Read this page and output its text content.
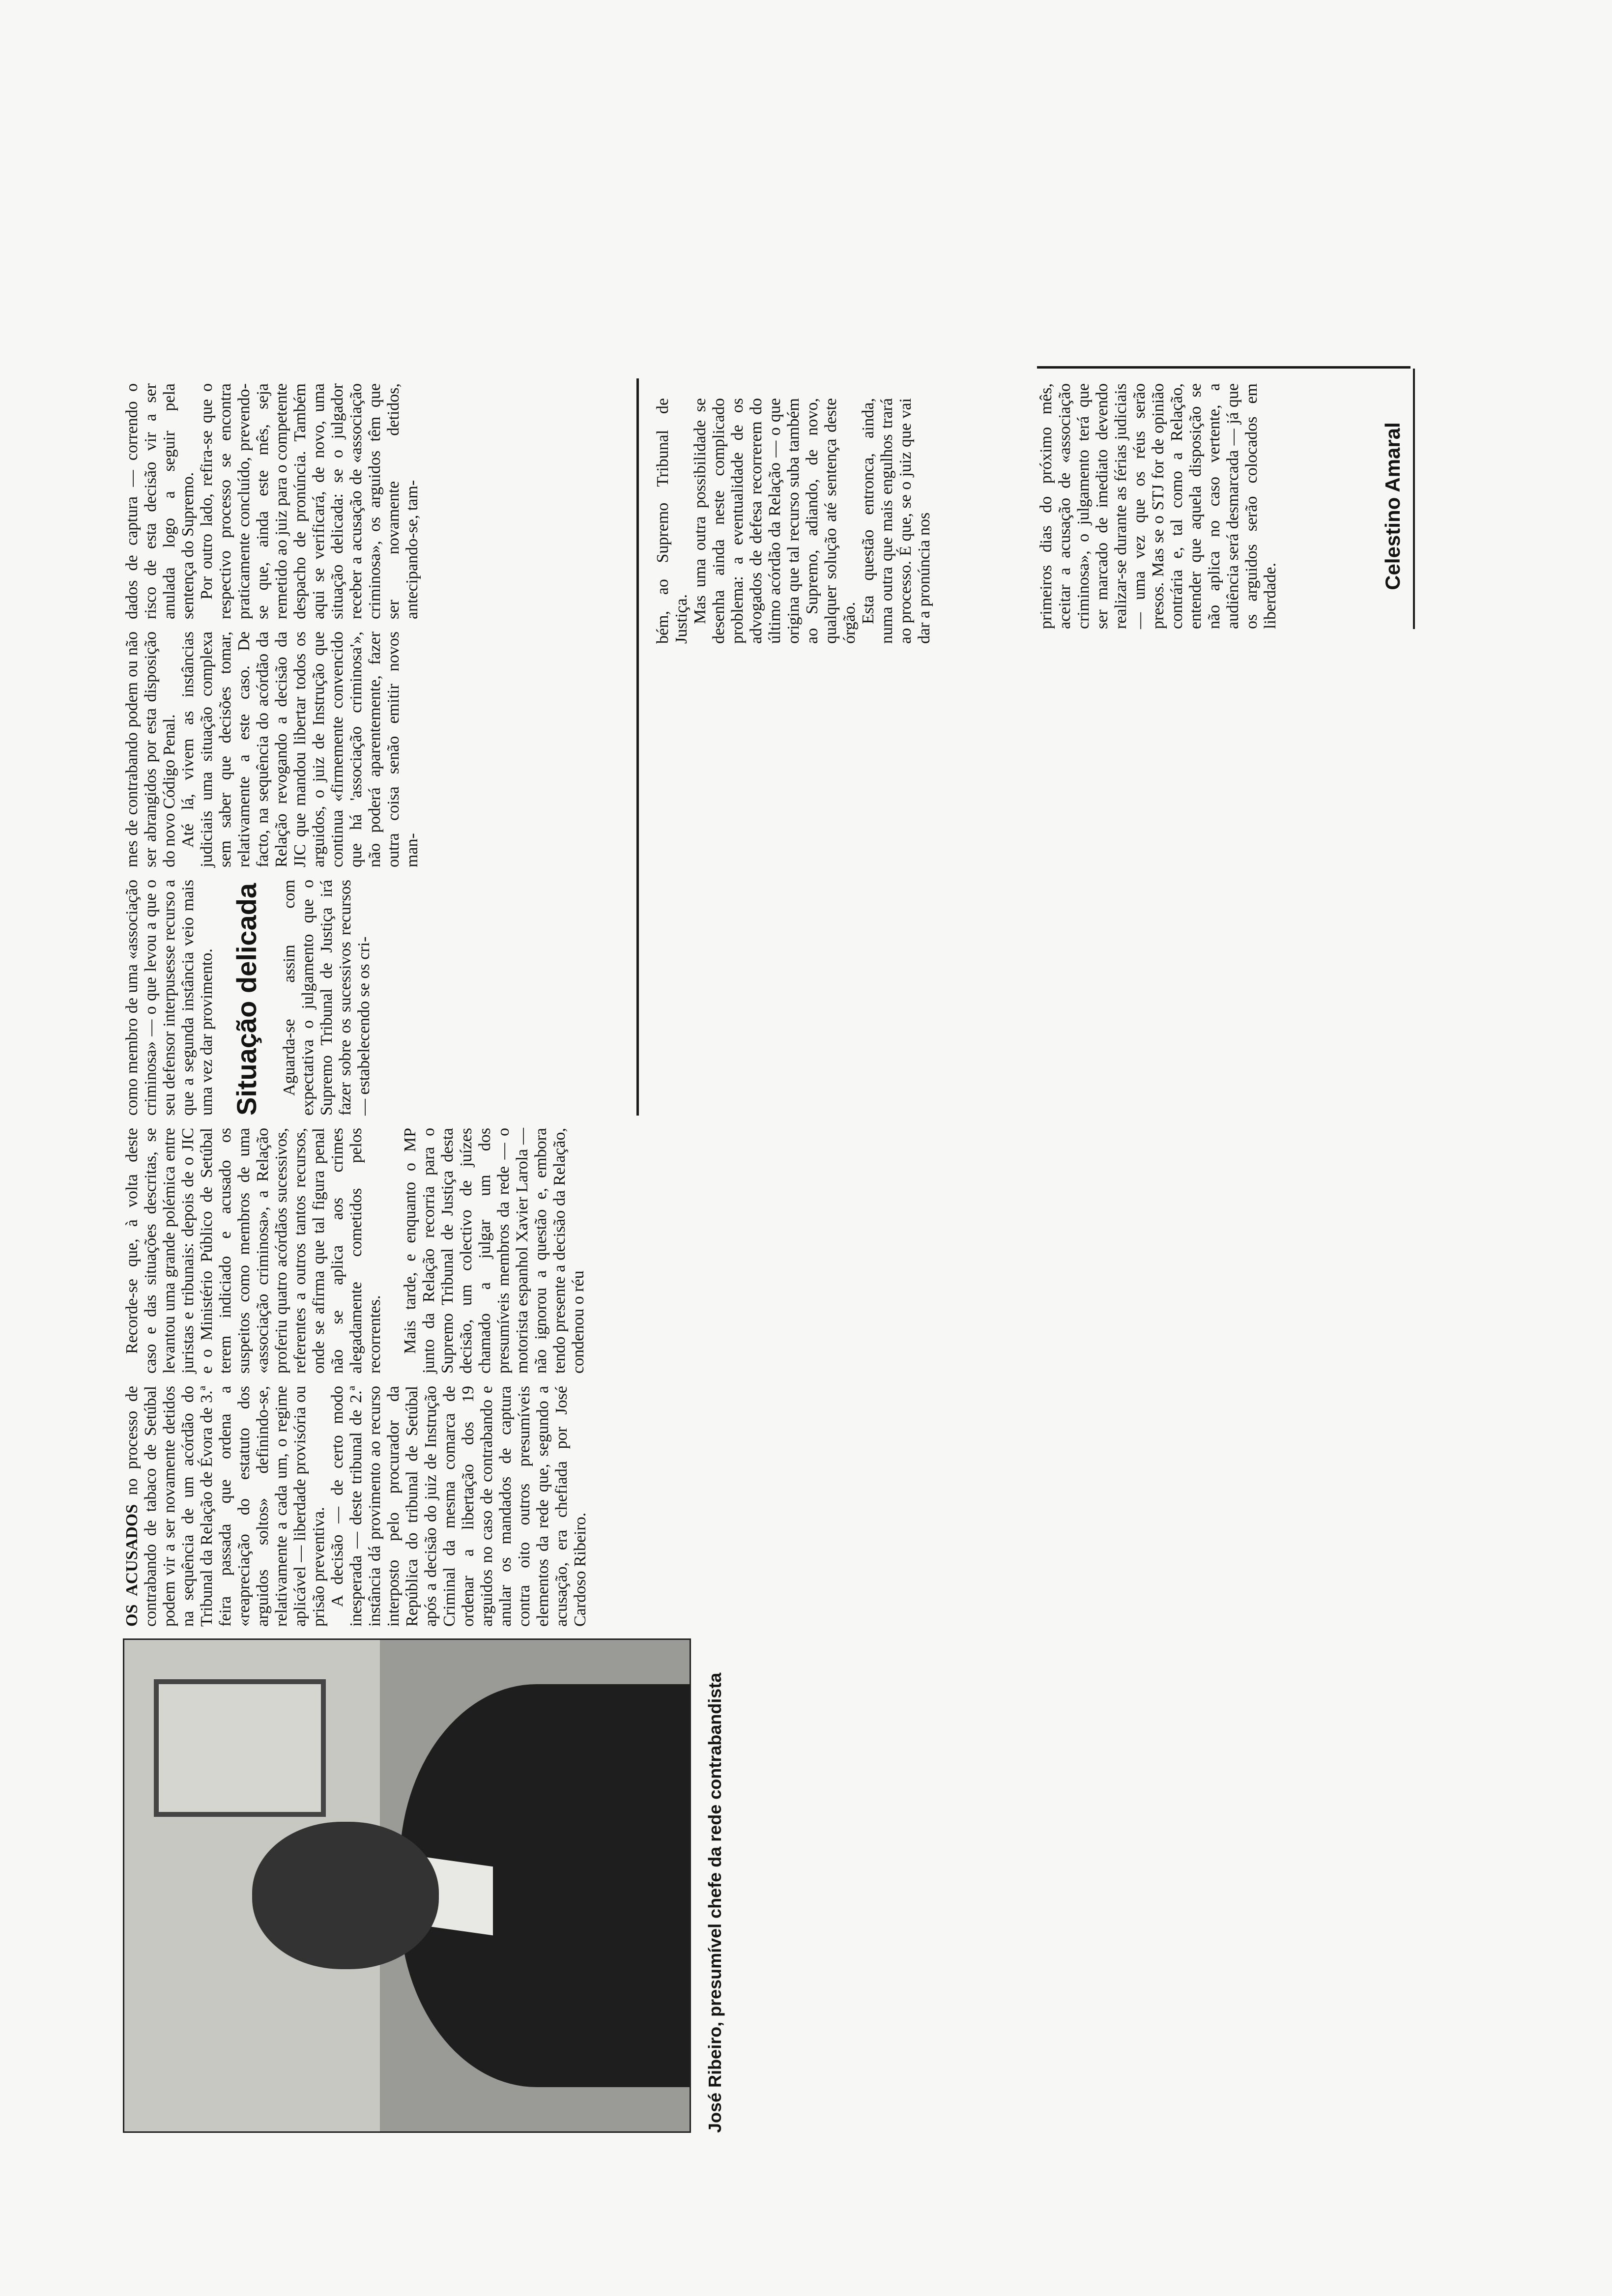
José Ribeiro, presumível chefe da rede contrabandista

OS ACUSADOS no processo de contrabando de tabaco de Setúbal podem vir a ser novamente detidos na sequência de um acórdão do Tribunal da Relação de Évora de 3.ª feira passada que ordena a «reapreciação do estatuto dos arguidos soltos» definindo-se, relativamente a cada um, o regime aplicável — liberdade provisória ou prisão preventiva. A decisão — de certo modo inesperada — deste tribunal de 2.ª instância dá provimento ao recurso interposto pelo procurador da República do tribunal de Setúbal após a decisão do juiz de Instrução Criminal da mesma comarca de ordenar a libertação dos 19 arguidos no caso de contrabando e anular os mandados de captura contra oito outros presumíveis elementos da rede que, segundo a acusação, era chefiada por José Cardoso Ribeiro.

Recorde-se que, à volta deste caso e das situações descritas, se levantou uma grande polémica entre juristas e tribunais: depois de o JIC e o Ministério Público de Setúbal terem indiciado e acusado os suspeitos como membros de uma «associação criminosa», a Relação proferiu quatro acórdãos sucessivos, referentes a outros tantos recursos, onde se afirma que tal figura penal não se aplica aos crimes alegadamente cometidos pelos recorrentes. Mais tarde, e enquanto o MP junto da Relação recorria para o Supremo Tribunal de Justiça desta decisão, um colectivo de juízes chamado a julgar um dos presumíveis membros da rede — o motorista espanhol Xavier Larola — não ignorou a questão e, embora tendo presente a decisão da Relação, condenou o réu

como membro de uma «associação criminosa» — o que levou a que o seu defensor interpusesse recurso a que a segunda instância veio mais uma vez dar provimento. Situação delicada Aguarda-se assim com expectativa o julgamento que o Supremo Tribunal de Justiça irá fazer sobre os sucessivos recursos — estabelecendo se os cri-

mes de contrabando podem ou não ser abrangidos por esta disposição do novo Código Penal. Até lá, vivem as instâncias judiciais uma situação complexa sem saber que decisões tomar, relativamente a este caso. De facto, na sequência do acórdão da Relação revogando a decisão da JIC que mandou libertar todos os arguidos, o juiz de Instrução que continua «firmemente convencido que há 'associação criminosa'», não poderá aparentemente, fazer outra coisa senão emitir novos man-

dados de captura — correndo o risco de esta decisão vir a ser anulada logo a seguir pela sentença do Supremo. Por outro lado, refira-se que o respectivo processo se encontra praticamente concluído, prevendo-se que, ainda este mês, seja remetido ao juiz para o competente despacho de pronúncia. Também aqui se verificará, de novo, uma situação delicada: se o julgador receber a acusação de «associação criminosa», os arguidos têm que ser novamente detidos, antecipando-se, tam-	bém, ao Supremo Tribunal de Justiça. Mas uma outra possibilidade se desenha ainda neste complicado problema: a eventualidade de os advogados de defesa recorrerem do último acórdão da Relação — o que origina que tal recurso suba também ao Supremo, adiando, de novo, qualquer solução até sentença deste órgão. Esta questão entronca, ainda, numa outra que mais engulhos trará ao processo. É que, se o juiz que vai dar a pronúncia nos	primeiros dias do próximo mês, aceitar a acusação de «associação criminosa», o julgamento terá que ser marcado de imediato devendo realizar-se durante as férias judiciais — uma vez que os réus serão presos. Mas se o STJ for de opinião contrária e, tal como a Relação, entender que aquela disposição se não aplica no caso vertente, a audiência será desmarcada — já que os arguidos serão colocados em liberdade.

Celestino Amaral
